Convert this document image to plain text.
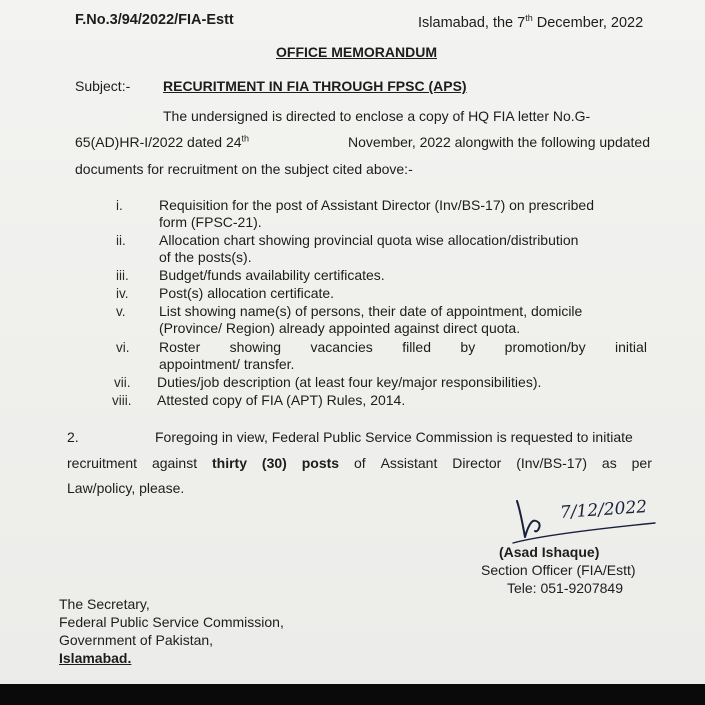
F.No.3/94/2022/FIA-Estt	Islamabad, the 7th December, 2022
OFFICE MEMORANDUM
Subject:- RECURITMENT IN FIA THROUGH FPSC (APS)
The undersigned is directed to enclose a copy of HQ FIA letter No.G-
65(AD)HR-I/2022 dated 24th	November, 2022 alongwith the following updated
documents for recruitment on the subject cited above:-
i.	Requisition for the post of Assistant Director (Inv/BS-17) on prescribed
form (FPSC-21).
ii. Allocation chart showing provincial quota wise allocation/distribution
of the posts(s).
iii. Budget/funds availability certificates.
iv. Post(s) allocation certificate.
v. List showing name(s) of persons, their date of appointment, domicile
(Province/ Region) already appointed against direct quota.
vi. Roster showing vacancies filled by promotion/by initial
appointment/ transfer.
vii. Duties/job description (at least four key/major responsibilities).
viii. Attested copy of FIA (APT) Rules, 2014.
2.	Foregoing in view, Federal Public Service Commission is requested to initiate
recruitment against thirty (30) posts of Assistant Director (Inv/BS-17) as per
Law/policy, please.
7/12/2022
(Asad Ishaque)
Section Officer (FIA/Estt)
Tele: 051-9207849
The Secretary,
Federal Public Service Commission,
Government of Pakistan,
Islamabad.
